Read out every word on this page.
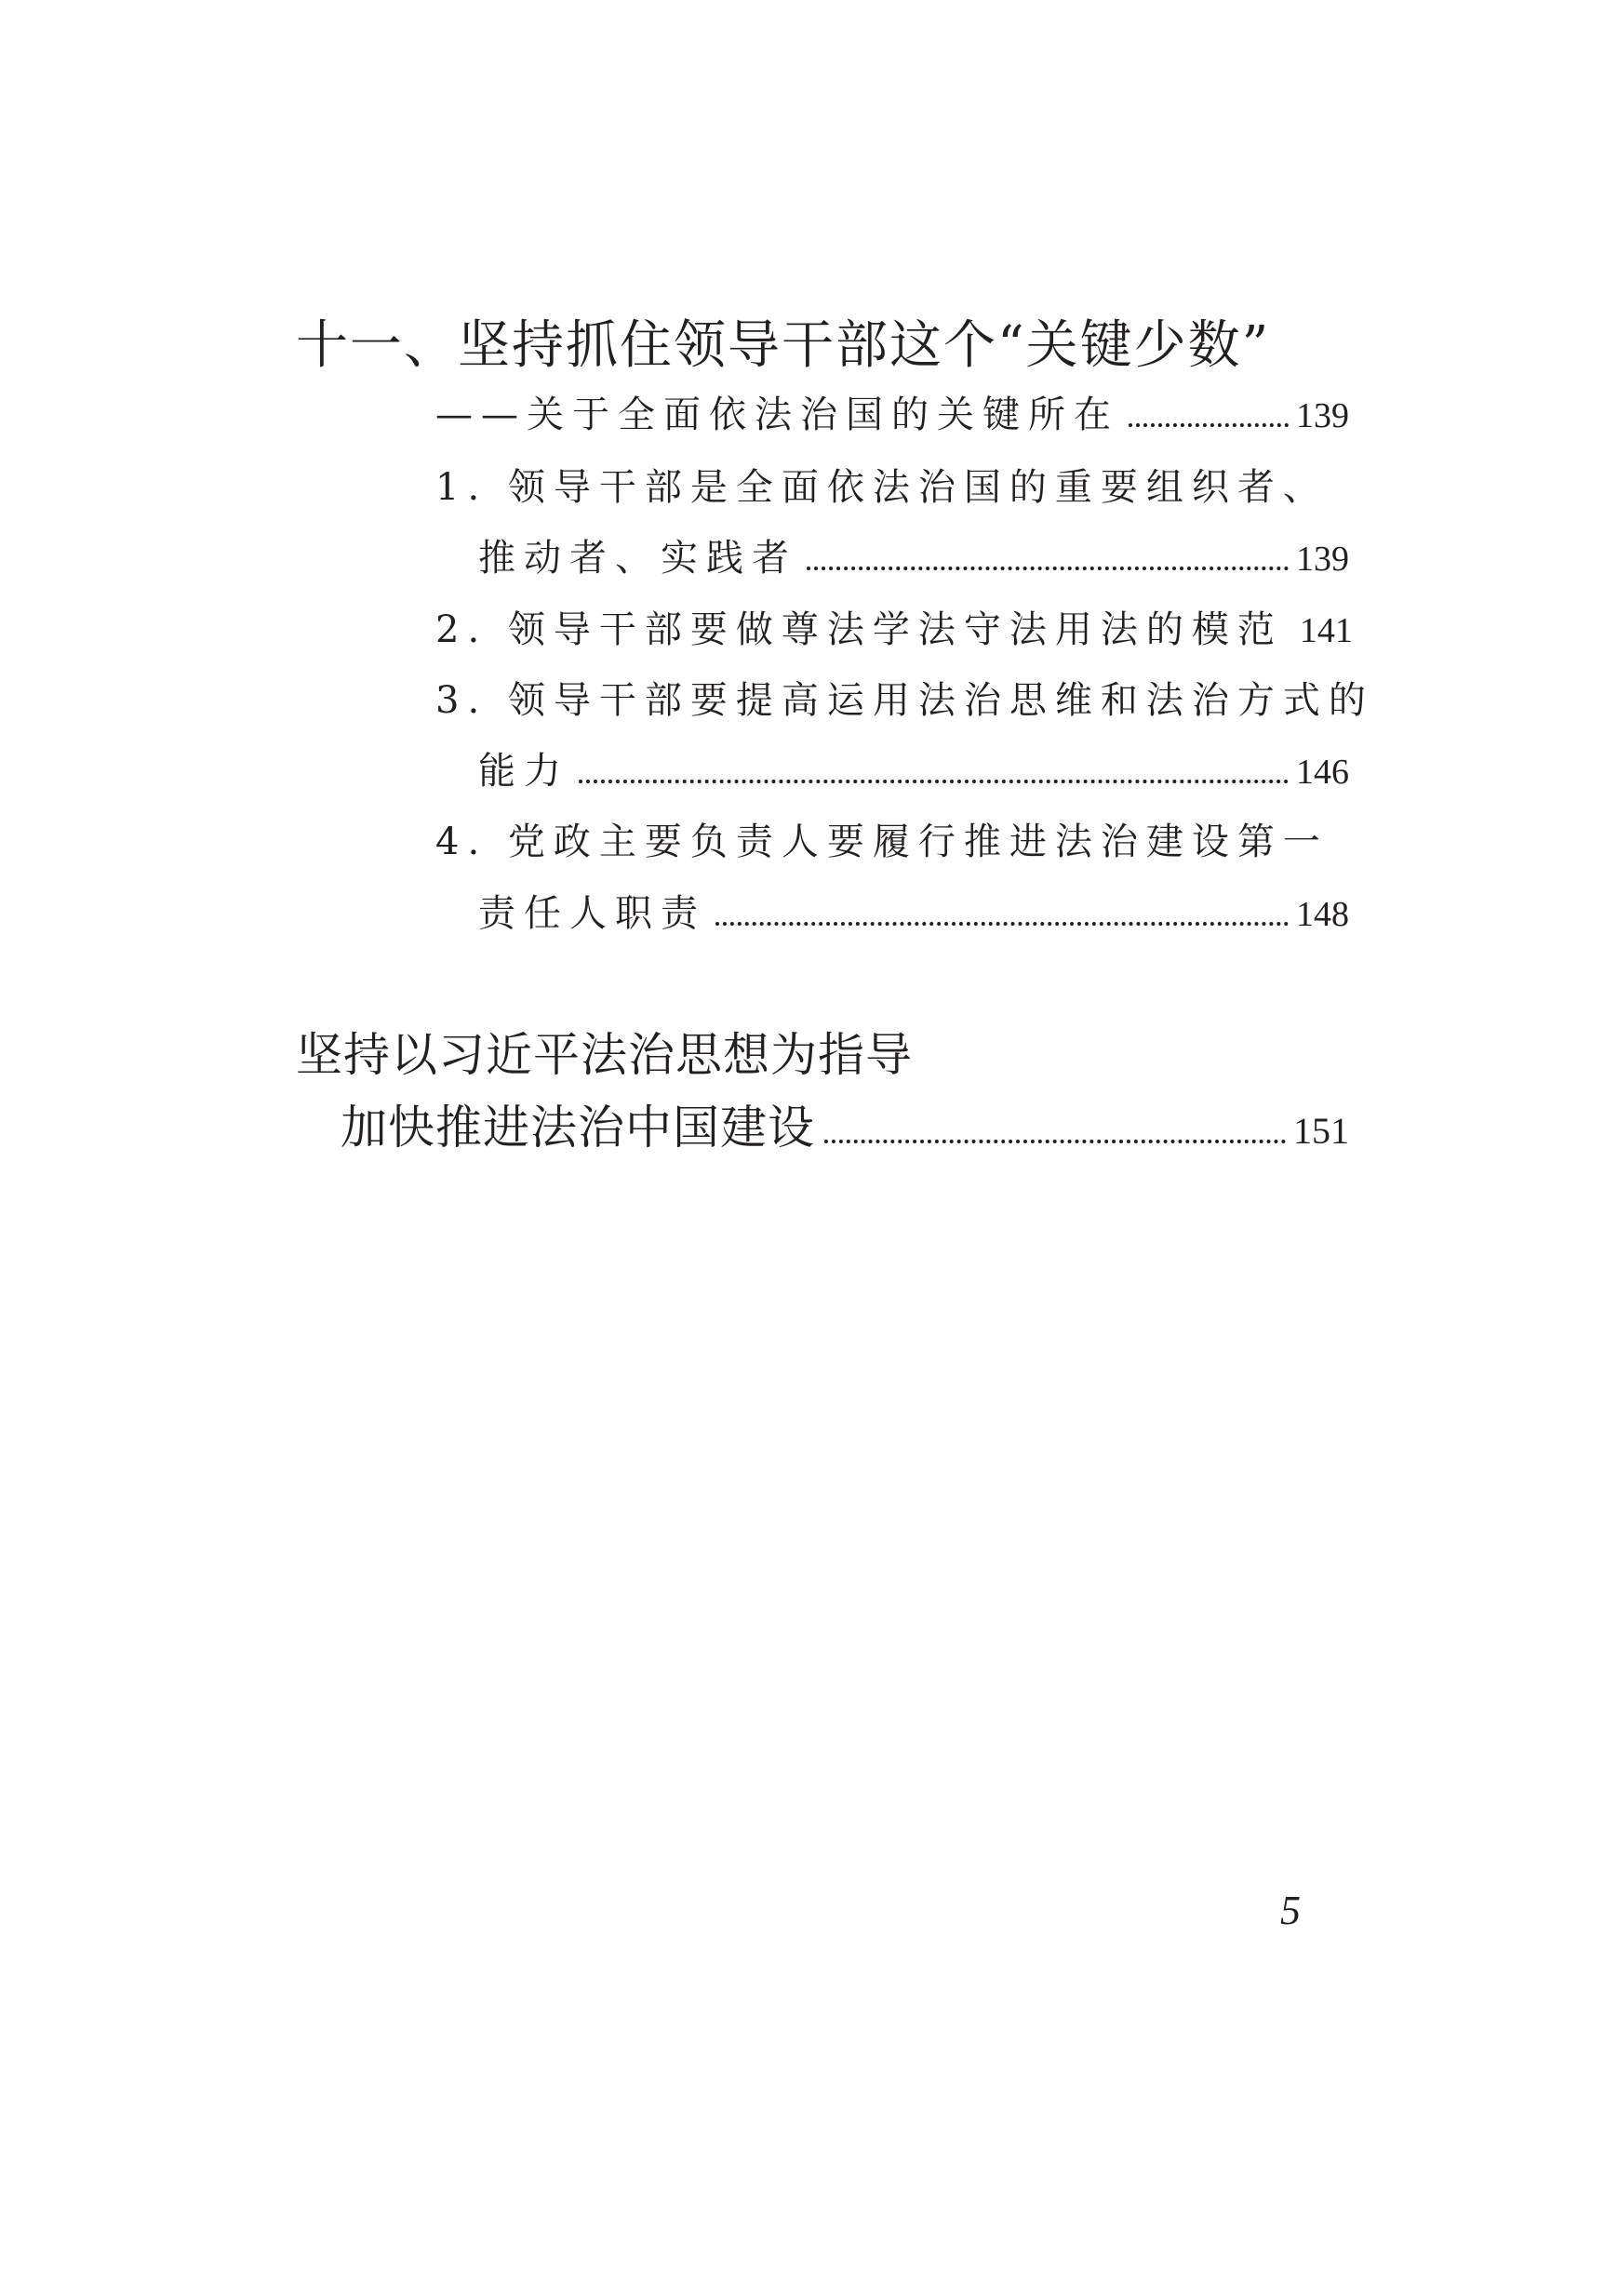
十一、坚持抓住领导干部这个“关键少数”
——关于全面依法治国的关键所在	139
1. 领导干部是全面依法治国的重要组织者、
推动者、实践者	139
2. 领导干部要做尊法学法守法用法的模范 141
3. 领导干部要提高运用法治思维和法治方式的
能力	146
4. 党政主要负责人要履行推进法治建设第一
责任人职责	148
坚持以习近平法治思想为指导
加快推进法治中国建设	151
5
